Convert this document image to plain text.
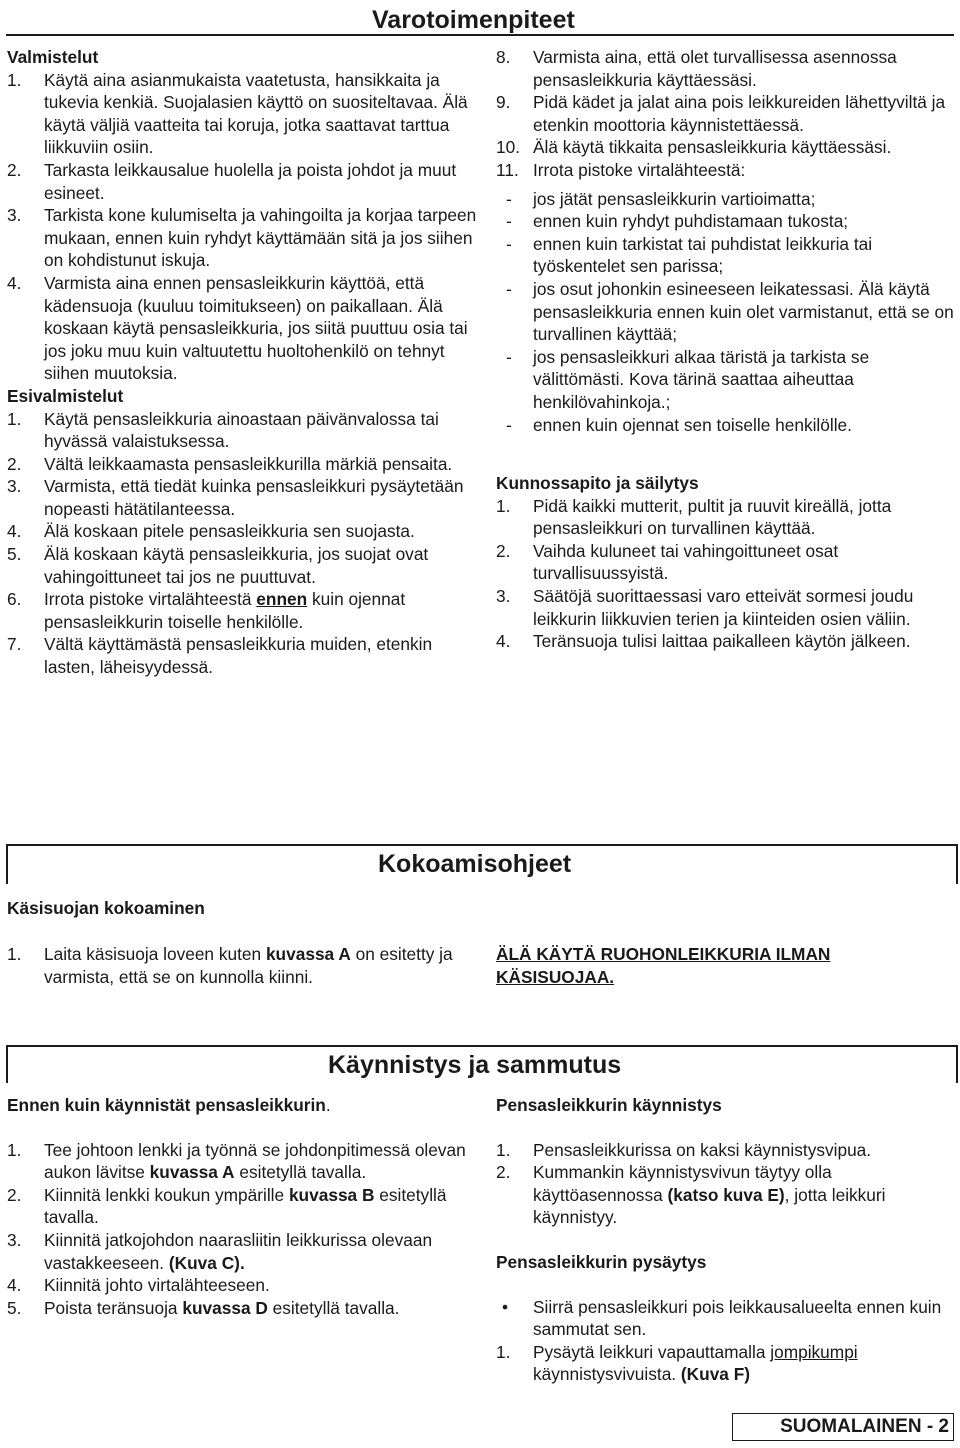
Varotoimenpiteet
Valmistelut
1.	Käytä aina asianmukaista vaatetusta, hansikkaita ja tukevia kenkiä. Suojalasien käyttö on suositeltavaa. Älä käytä väljiä vaatteita tai koruja, jotka saattavat tarttua liikkuviin osiin.
2.	Tarkasta leikkausalue huolella ja poista johdot ja muut esineet.
3.	Tarkista kone kulumiselta ja vahingoilta ja korjaa tarpeen mukaan, ennen kuin ryhdyt käyttämään sitä ja jos siihen on kohdistunut iskuja.
4.	Varmista aina ennen pensasleikkurin käyttöä, että kädensuoja (kuuluu toimitukseen) on paikallaan. Älä koskaan käytä pensasleikkuria, jos siitä puuttuu osia tai jos joku muu kuin valtuutettu huoltohenkilö on tehnyt siihen muutoksia.
Esivalmistelut
1.	Käytä pensasleikkuria ainoastaan päivänvalossa tai hyvässä valaistuksessa.
2.	Vältä leikkaamasta pensasleikkurilla märkiä pensaita.
3.	Varmista, että tiedät kuinka pensasleikkuri pysäytetään nopeasti hätätilanteessa.
4.	Älä koskaan pitele pensasleikkuria sen suojasta.
5.	Älä koskaan käytä pensasleikkuria, jos suojat ovat vahingoittuneet tai jos ne puuttuvat.
6.	Irrota pistoke virtalähteestä ennen kuin ojennat pensasleikkurin toiselle henkilölle.
7.	Vältä käyttämästä pensasleikkuria muiden, etenkin lasten, läheisyydessä.
8.	Varmista aina, että olet turvallisessa asennossa pensasleikkuria käyttäessäsi.
9.	Pidä kädet ja jalat aina pois leikkureiden lähettyviltä ja etenkin moottoria käynnistettäessä.
10. Älä käytä tikkaita pensasleikkuria käyttäessäsi.
11. Irrota pistoke virtalähteestä:
-	jos jätät pensasleikkurin vartioimatta;
-	ennen kuin ryhdyt puhdistamaan tukosta;
-	ennen kuin tarkistat tai puhdistat leikkuria tai työskentelet sen parissa;
-	jos osut johonkin esineeseen leikatessasi. Älä käytä pensasleikkuria ennen kuin olet varmistanut, että se on turvallinen käyttää;
-	jos pensasleikkuri alkaa täristä ja tarkista se välittömästi. Kova tärinä saattaa aiheuttaa henkilövahinkoja.;
-	ennen kuin ojennat sen toiselle henkilölle.
Kunnossapito ja säilytys
1.	Pidä kaikki mutterit, pultit ja ruuvit kireällä, jotta pensasleikkuri on turvallinen käyttää.
2.	Vaihda kuluneet tai vahingoittuneet osat turvallisuussyistä.
3.	Säätöjä suorittaessasi varo etteivät sormesi joudu leikkurin liikkuvien terien ja kiinteiden osien väliin.
4.	Teränsuoja tulisi laittaa paikalleen käytön jälkeen.
Kokoamisohjeet
Käsisuojan kokoaminen
1.	Laita käsisuoja loveen kuten kuvassa A on esitetty ja varmista, että se on kunnolla kiinni.
ÄLÄ KÄYTÄ RUOHONLEIKKURIA ILMAN KÄSISUOJAA.
Käynnistys ja sammutus
Ennen kuin käynnistät pensasleikkurin.
1.	Tee johtoon lenkki ja työnnä se johdonpitimessä olevan aukon lävitse kuvassa A esitetyllä tavalla.
2.	Kiinnitä lenkki koukun ympärille kuvassa B esitetyllä tavalla.
3.	Kiinnitä jatkojohdon naarasliitin leikkurissa olevaan vastakkeeseen. (Kuva C).
4.	Kiinnitä johto virtalähteeseen.
5.	Poista teränsuoja kuvassa D esitetyllä tavalla.
Pensasleikkurin käynnistys
1.	Pensasleikkurissa on kaksi käynnistysvipua.
2.	Kummankin käynnistysvivun täytyy olla käyttöasennossa (katso kuva E), jotta leikkuri käynnistyy.
Pensasleikkurin pysäytys
•	Siirrä pensasleikkuri pois leikkausalueelta ennen kuin sammutat sen.
1.	Pysäytä leikkuri vapauttamalla jompikumpi käynnistysvivuista. (Kuva F)
SUOMALAINEN - 2
